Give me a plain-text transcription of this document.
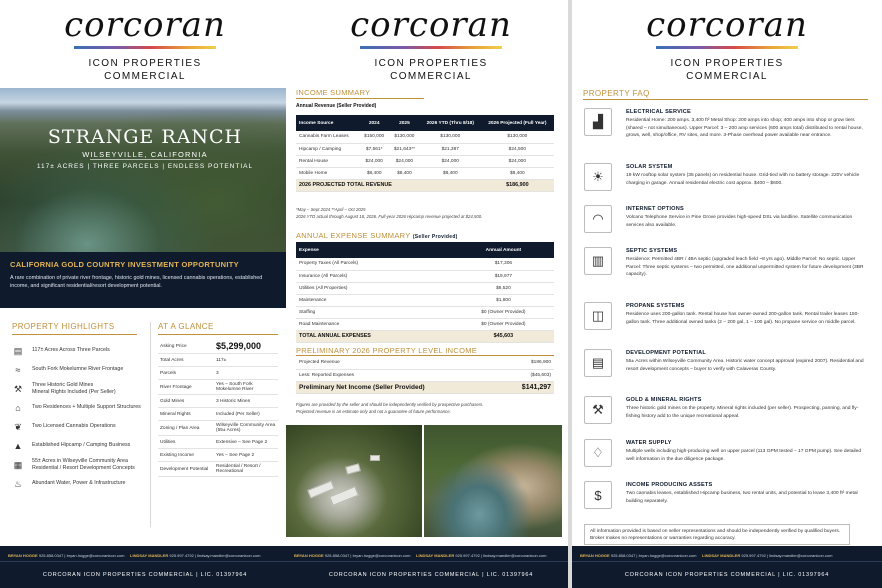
corcoran
ICON PROPERTIES
COMMERCIAL
STRANGE RANCH
WILSEYVILLE, CALIFORNIA
117± ACRES | THREE PARCELS | ENDLESS POTENTIAL
CALIFORNIA GOLD COUNTRY INVESTMENT OPPORTUNITY
A rare combination of private river frontage, historic gold mines, licensed cannabis operations, established income, and significant residential/resort development potential.
PROPERTY HIGHLIGHTS
▤	117± Acres Across Three Parcels
≈	South Fork Mokelumne River Frontage
⚒	Three Historic Gold Mines
Mineral Rights Included (Per Seller)
⌂	Two Residences + Multiple Support Structures
❦	Two Licensed Cannabis Operations
▲ Established Hipcamp / Camping Business
▦	55± Acres in Wilseyville Community Area
Residential / Resort Development Concepts
♨	Abundant Water, Power & Infrastructure
AT A GLANCE
Asking Price	$5,299,000
Total Acres	117±
Parcels	3
River Frontage	Yes – South Fork Mokelumne River
Gold Mines	3 Historic Mines
Mineral Rights	Included (Per Seller)
Zoning / Plan Area	Wilseyville Community Area (55± Acres)
Utilities	Extensive – See Page 2
Existing Income	Yes – See Page 2
Development Potential	Residential / Resort / Recreational
BRYAN HOGGE 925.858.0347 | bryan.hogge@corcoranicon.com LINDSAY MANDLER 925.997.4792 | lindsay.mandler@corcoranicon.com
CORCORAN ICON PROPERTIES COMMERCIAL | LIC. 01397964
corcoran
ICON PROPERTIES
COMMERCIAL
INCOME SUMMARY
Annual Revenue (Seller Provided)
Income Source	2024	2025	2026 YTD (Thru 8/18)	2026 Projected (Full Year)
Cannabis Farm Leases	$150,000	$130,000	$130,000	$130,000
Hipcamp / Camping	$7,561*	$21,643**	$21,387	$24,500
Rental House	$24,000	$24,000	$24,000	$24,000
Mobile Home	$8,400	$8,400	$8,400	$8,400
2026 PROJECTED TOTAL REVENUE				$186,900
*May – Sept 2024 **April – Oct 2025
2026 YTD actual through August 18, 2026. Full-year 2026 Hipcamp revenue projected at $24,500.
ANNUAL EXPENSE SUMMARY (Seller Provided)
Expense	Annual Amount
Property Taxes (All Parcels)	$17,306
Insurance (All Parcels)	$19,977
Utilities (All Properties)	$6,520
Maintenance	$1,800
Staffing	$0 (Owner Provided)
Road Maintenance	$0 (Owner Provided)
TOTAL ANNUAL EXPENSES	$45,603
PRELIMINARY 2026 PROPERTY LEVEL INCOME
Projected Revenue	$186,900
Less: Reported Expenses	($45,603)
Preliminary Net Income (Seller Provided)	$141,297
Figures are provided by the seller and should be independently verified by prospective purchasers.
Projected revenue is an estimate only and not a guarantee of future performance.
BRYAN HOGGE 925.858.0347 | bryan.hogge@corcoranicon.com LINDSAY MANDLER 925.997.4792 | lindsay.mandler@corcoranicon.com
CORCORAN ICON PROPERTIES COMMERCIAL | LIC. 01397964
corcoran
ICON PROPERTIES
COMMERCIAL
PROPERTY FAQ
▟
ELECTRICAL SERVICE
Residential Home: 200 amps. 3,400 ft² Metal Shop: 200 amps into shop; 400 amps into shop or grow tiers (shared – not simultaneous). Upper Parcel: 3 – 200 amp services (600 amps total) distributed to rental house, grows, well, shop/office, RV sites, and more. 3-Phase overhead power available near entrance.
☀
SOLAR SYSTEM
19 kW rooftop solar system (35 panels) on residential house. Grid-tied with no battery storage. 220V vehicle charging in garage. Annual residential electric cost approx. $400 – $600.
◠
INTERNET OPTIONS
Volcano Telephone Service in Pine Grove provides high-speed DSL via landline. Satellite communication services also available.
▥
SEPTIC SYSTEMS
Residence: Permitted 4BR / 4BA septic (upgraded leach field ~8 yrs ago). Middle Parcel: No septic. Upper Parcel: Three septic systems – two permitted, one additional unpermitted system for future development (3BR capacity).
◫
PROPANE SYSTEMS
Residence uses 200-gallon tank. Rental house has owner-owned 200-gallon tank. Rental trailer leases 150-gallon tank. Three additional owned tanks (2 – 200 gal, 1 – 100 gal). No propane service on middle parcel.
▤
DEVELOPMENT POTENTIAL
55± Acres within Wilseyville Community Area. Historic water concept approval (expired 2007). Residential and resort development concepts – buyer to verify with Calaveras County.
⚒
GOLD & MINERAL RIGHTS
Three historic gold mines on the property. Mineral rights included (per seller). Prospecting, panning, and fly-fishing history add to the unique recreational appeal.
♢
WATER SUPPLY
Multiple wells including high-producing well on upper parcel (113 GPM tested – 17 GPM pump). See detailed well information in the due diligence package.
$
INCOME PRODUCING ASSETS
Two cannabis leases, established Hipcamp business, two rental units, and potential to lease 3,400 ft² metal building separately.
All information provided is based on seller representations and should be independently verified by qualified buyers. Broker makes no representations or warranties regarding accuracy.
BRYAN HOGGE 925.858.0347 | bryan.hogge@corcoranicon.com LINDSAY MANDLER 925.997.4792 | lindsay.mandler@corcoranicon.com
CORCORAN ICON PROPERTIES COMMERCIAL | LIC. 01397964
